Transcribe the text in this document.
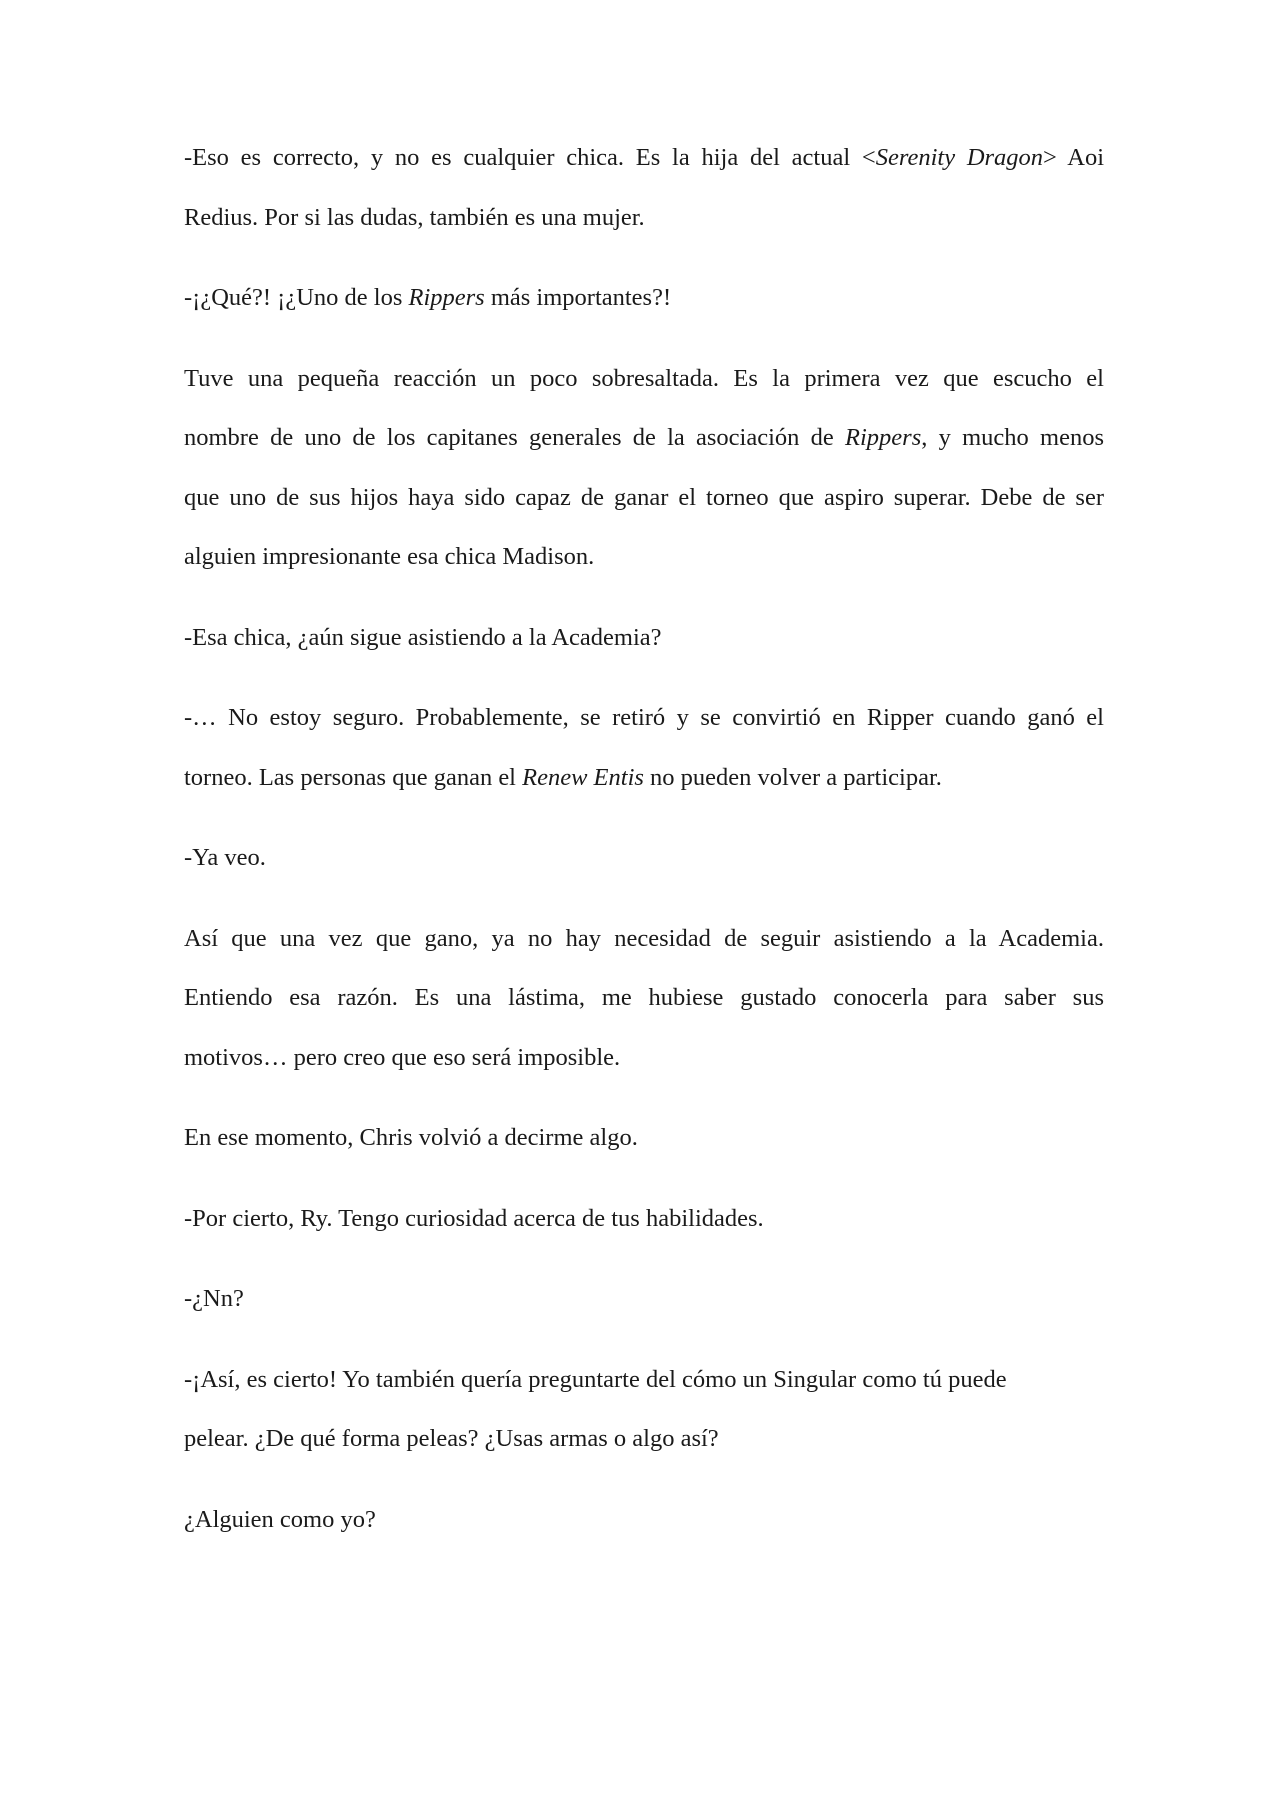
-Eso es correcto, y no es cualquier chica. Es la hija del actual <Serenity Dragon> Aoi
Redius. Por si las dudas, también es una mujer.
-¡¿Qué?! ¡¿Uno de los Rippers más importantes?!
Tuve una pequeña reacción un poco sobresaltada. Es la primera vez que escucho el
nombre de uno de los capitanes generales de la asociación de Rippers, y mucho menos
que uno de sus hijos haya sido capaz de ganar el torneo que aspiro superar. Debe de ser
alguien impresionante esa chica Madison.
-Esa chica, ¿aún sigue asistiendo a la Academia?
-… No estoy seguro. Probablemente, se retiró y se convirtió en Ripper cuando ganó el
torneo. Las personas que ganan el Renew Entis no pueden volver a participar.
-Ya veo.
Así que una vez que gano, ya no hay necesidad de seguir asistiendo a la Academia.
Entiendo esa razón. Es una lástima, me hubiese gustado conocerla para saber sus
motivos… pero creo que eso será imposible.
En ese momento, Chris volvió a decirme algo.
-Por cierto, Ry. Tengo curiosidad acerca de tus habilidades.
-¿Nn?
-¡Así, es cierto! Yo también quería preguntarte del cómo un Singular como tú puede
pelear. ¿De qué forma peleas? ¿Usas armas o algo así?
¿Alguien como yo?
